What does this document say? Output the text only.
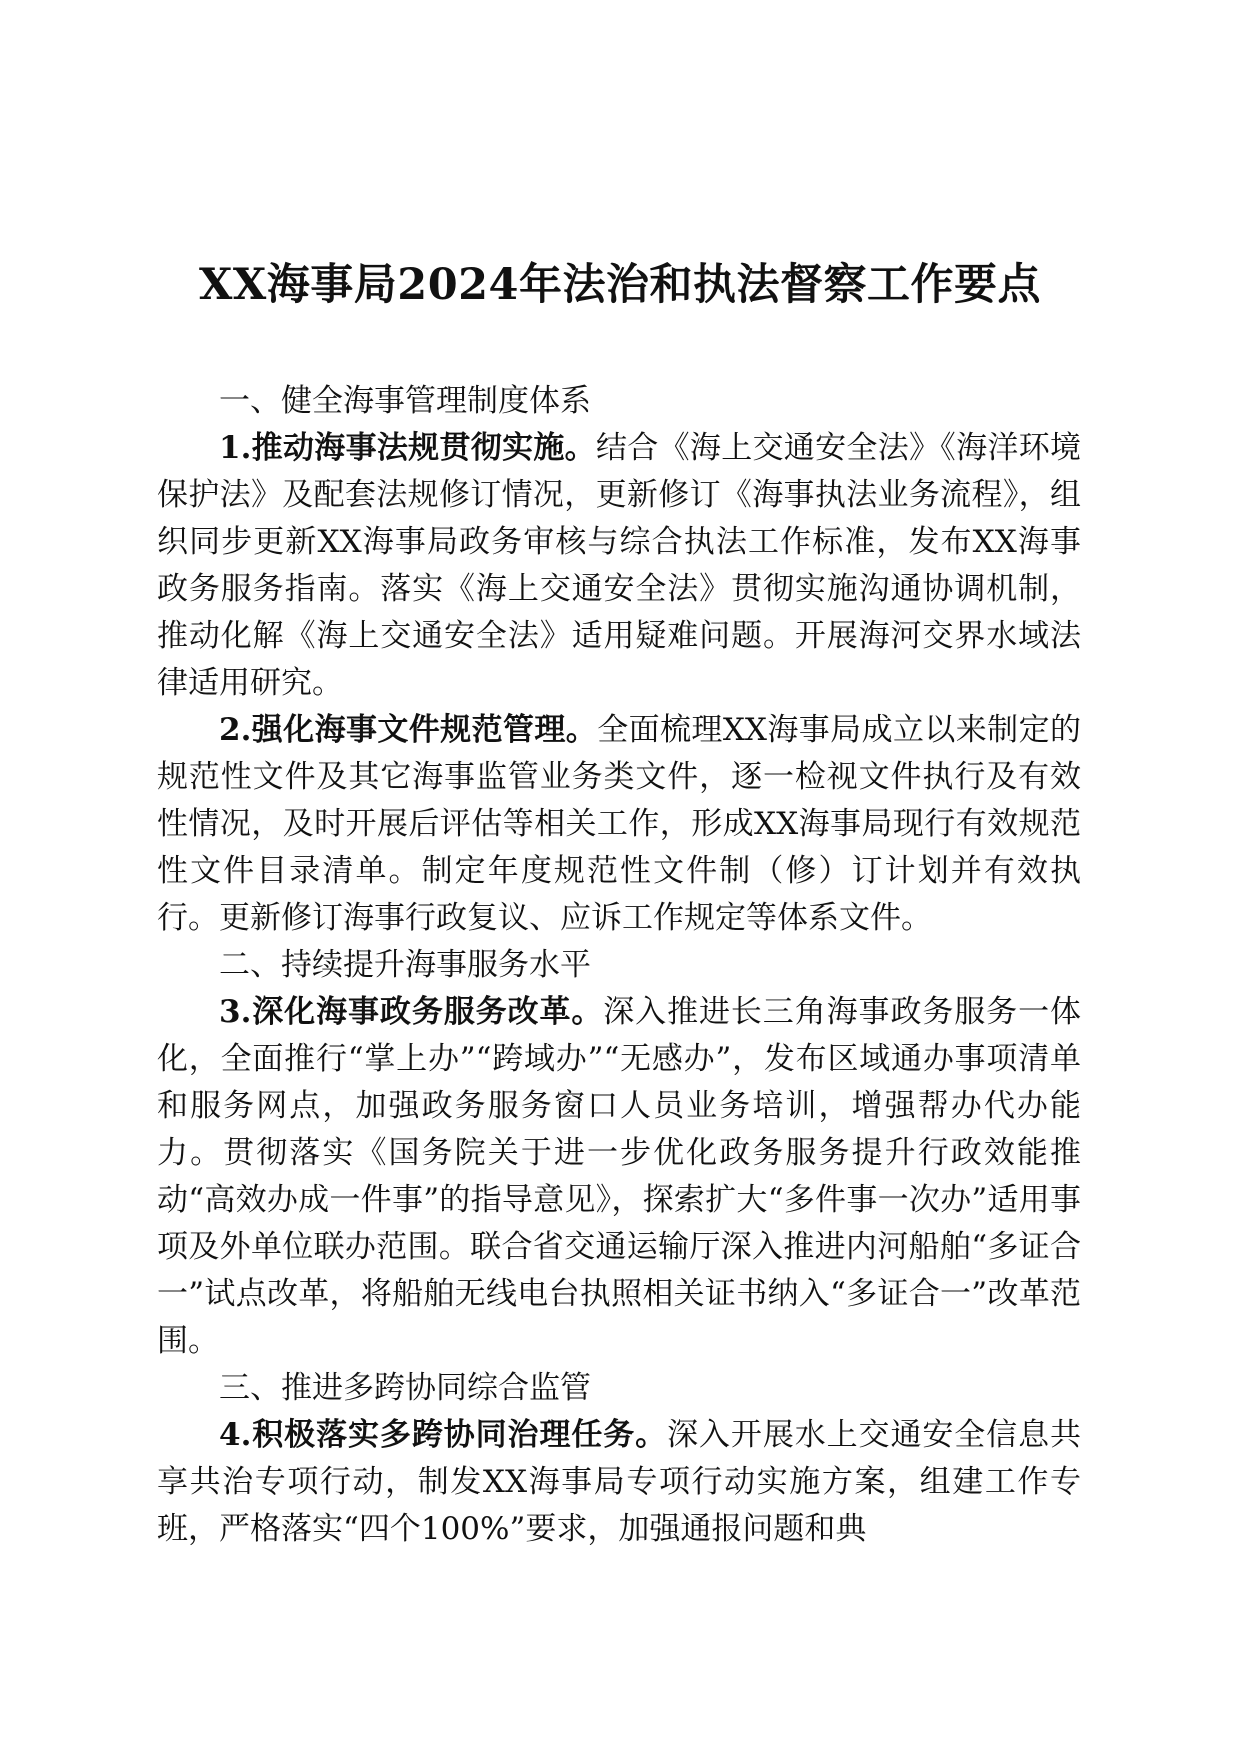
XX海事局2024年法治和执法督察工作要点

一、健全海事管理制度体系

1.推动海事法规贯彻实施。结合《海上交通安全法》《海洋环境保护法》及配套法规修订情况，更新修订《海事执法业务流程》，组织同步更新XX海事局政务审核与综合执法工作标准，发布XX海事政务服务指南。落实《海上交通安全法》贯彻实施沟通协调机制，推动化解《海上交通安全法》适用疑难问题。开展海河交界水域法律适用研究。

2.强化海事文件规范管理。全面梳理XX海事局成立以来制定的规范性文件及其它海事监管业务类文件，逐一检视文件执行及有效性情况，及时开展后评估等相关工作，形成XX海事局现行有效规范性文件目录清单。制定年度规范性文件制（修）订计划并有效执行。更新修订海事行政复议、应诉工作规定等体系文件。

二、持续提升海事服务水平

3.深化海事政务服务改革。深入推进长三角海事政务服务一体化，全面推行“掌上办”“跨域办”“无感办”，发布区域通办事项清单和服务网点，加强政务服务窗口人员业务培训，增强帮办代办能力。贯彻落实《国务院关于进一步优化政务服务提升行政效能推动“高效办成一件事”的指导意见》，探索扩大“多件事一次办”适用事项及外单位联办范围。联合省交通运输厅深入推进内河船舶“多证合一”试点改革，将船舶无线电台执照相关证书纳入“多证合一”改革范围。

三、推进多跨协同综合监管

4.积极落实多跨协同治理任务。深入开展水上交通安全信息共享共治专项行动，制发XX海事局专项行动实施方案，组建工作专班，严格落实“四个100%”要求，加强通报问题和典
